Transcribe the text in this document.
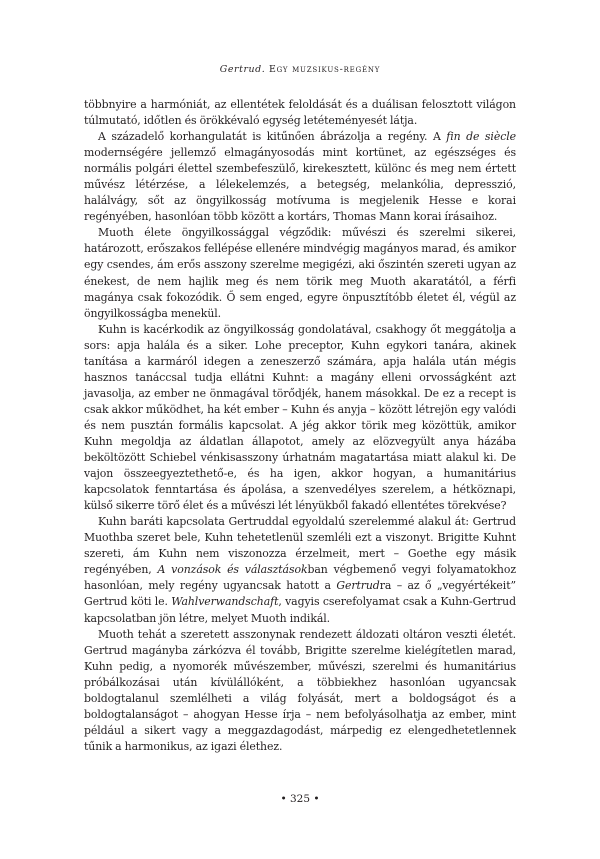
Gertrud. Egy muzsikus-regény

többnyire a harmóniát, az ellentétek feloldását és a duálisan felosztott világon túlmutató, időtlen és örökkévaló egység letéteményesét látja.

A századelő korhangulatát is kitűnően ábrázolja a regény. A fin de siècle modernségére jellemző elmagányosodás mint kortünet, az egészséges és normális polgári élettel szembefeszülő, kirekesztett, különc és meg nem értett művész létérzése, a lélekelemzés, a betegség, melankólia, depresszió, halálvágy, sőt az öngyilkosság motívuma is megjelenik Hesse e korai regényében, hasonlóan több között a kortárs, Thomas Mann korai írásaihoz.

Muoth élete öngyilkossággal végződik: művészi és szerelmi sikerei, határozott, erőszakos fellépése ellenére mindvégig magányos marad, és amikor egy csendes, ám erős asszony szerelme megigézi, aki őszintén szereti ugyan az énekest, de nem hajlik meg és nem törik meg Muoth akaratától, a férfi magánya csak fokozódik. Ő sem enged, egyre önpusztítóbb életet él, végül az öngyilkosságba menekül.

Kuhn is kacérkodik az öngyilkosság gondolatával, csakhogy őt meggátolja a sors: apja halála és a siker. Lohe preceptor, Kuhn egykori tanára, akinek tanítása a karmáról idegen a zeneszerző számára, apja halála után mégis hasznos tanáccsal tudja ellátni Kuhnt: a magány elleni orvosságként azt javasolja, az ember ne önmagával törődjék, hanem másokkal. De ez a recept is csak akkor működhet, ha két ember – Kuhn és anyja – között létrejön egy valódi és nem pusztán formális kapcsolat. A jég akkor törik meg közöttük, amikor Kuhn megoldja az áldatlan állapotot, amely az elözvegyült anya házába beköltözött Schiebel vénkisasszony úrhatnám magatartása miatt alakul ki. De vajon összeegyeztethető-e, és ha igen, akkor hogyan, a humanitárius kapcsolatok fenntartása és ápolása, a szenvedélyes szerelem, a hétköznapi, külső sikerre törő élet és a művészi lét lényükből fakadó ellentétes törekvése?

Kuhn baráti kapcsolata Gertruddal egyoldalú szerelemmé alakul át: Gertrud Muothba szeret bele, Kuhn tehetetlenül szemléli ezt a viszonyt. Brigitte Kuhnt szereti, ám Kuhn nem viszonozza érzelmeit, mert – Goethe egy másik regényében, A vonzások és választásokban végbemenő vegyi folyamatokhoz hasonlóan, mely regény ugyancsak hatott a Gertrudra – az ő „vegyértékeit” Gertrud köti le. Wahlverwandschaft, vagyis cserefolyamat csak a Kuhn-Gertrud kapcsolatban jön létre, melyet Muoth indikál.

Muoth tehát a szeretett asszonynak rendezett áldozati oltáron veszti életét. Gertrud magányba zárkózva él tovább, Brigitte szerelme kielégítetlen marad, Kuhn pedig, a nyomorék művészember, művészi, szerelmi és humanitárius próbálkozásai után kívülállóként, a többiekhez hasonlóan ugyancsak boldogtalanul szemlélheti a világ folyását, mert a boldogságot és a boldogtalanságot – ahogyan Hesse írja – nem befolyásolhatja az ember, mint például a sikert vagy a meggazdagodást, márpedig ez elengedhetetlennek tűnik a harmonikus, az igazi élethez.

• 325 •
